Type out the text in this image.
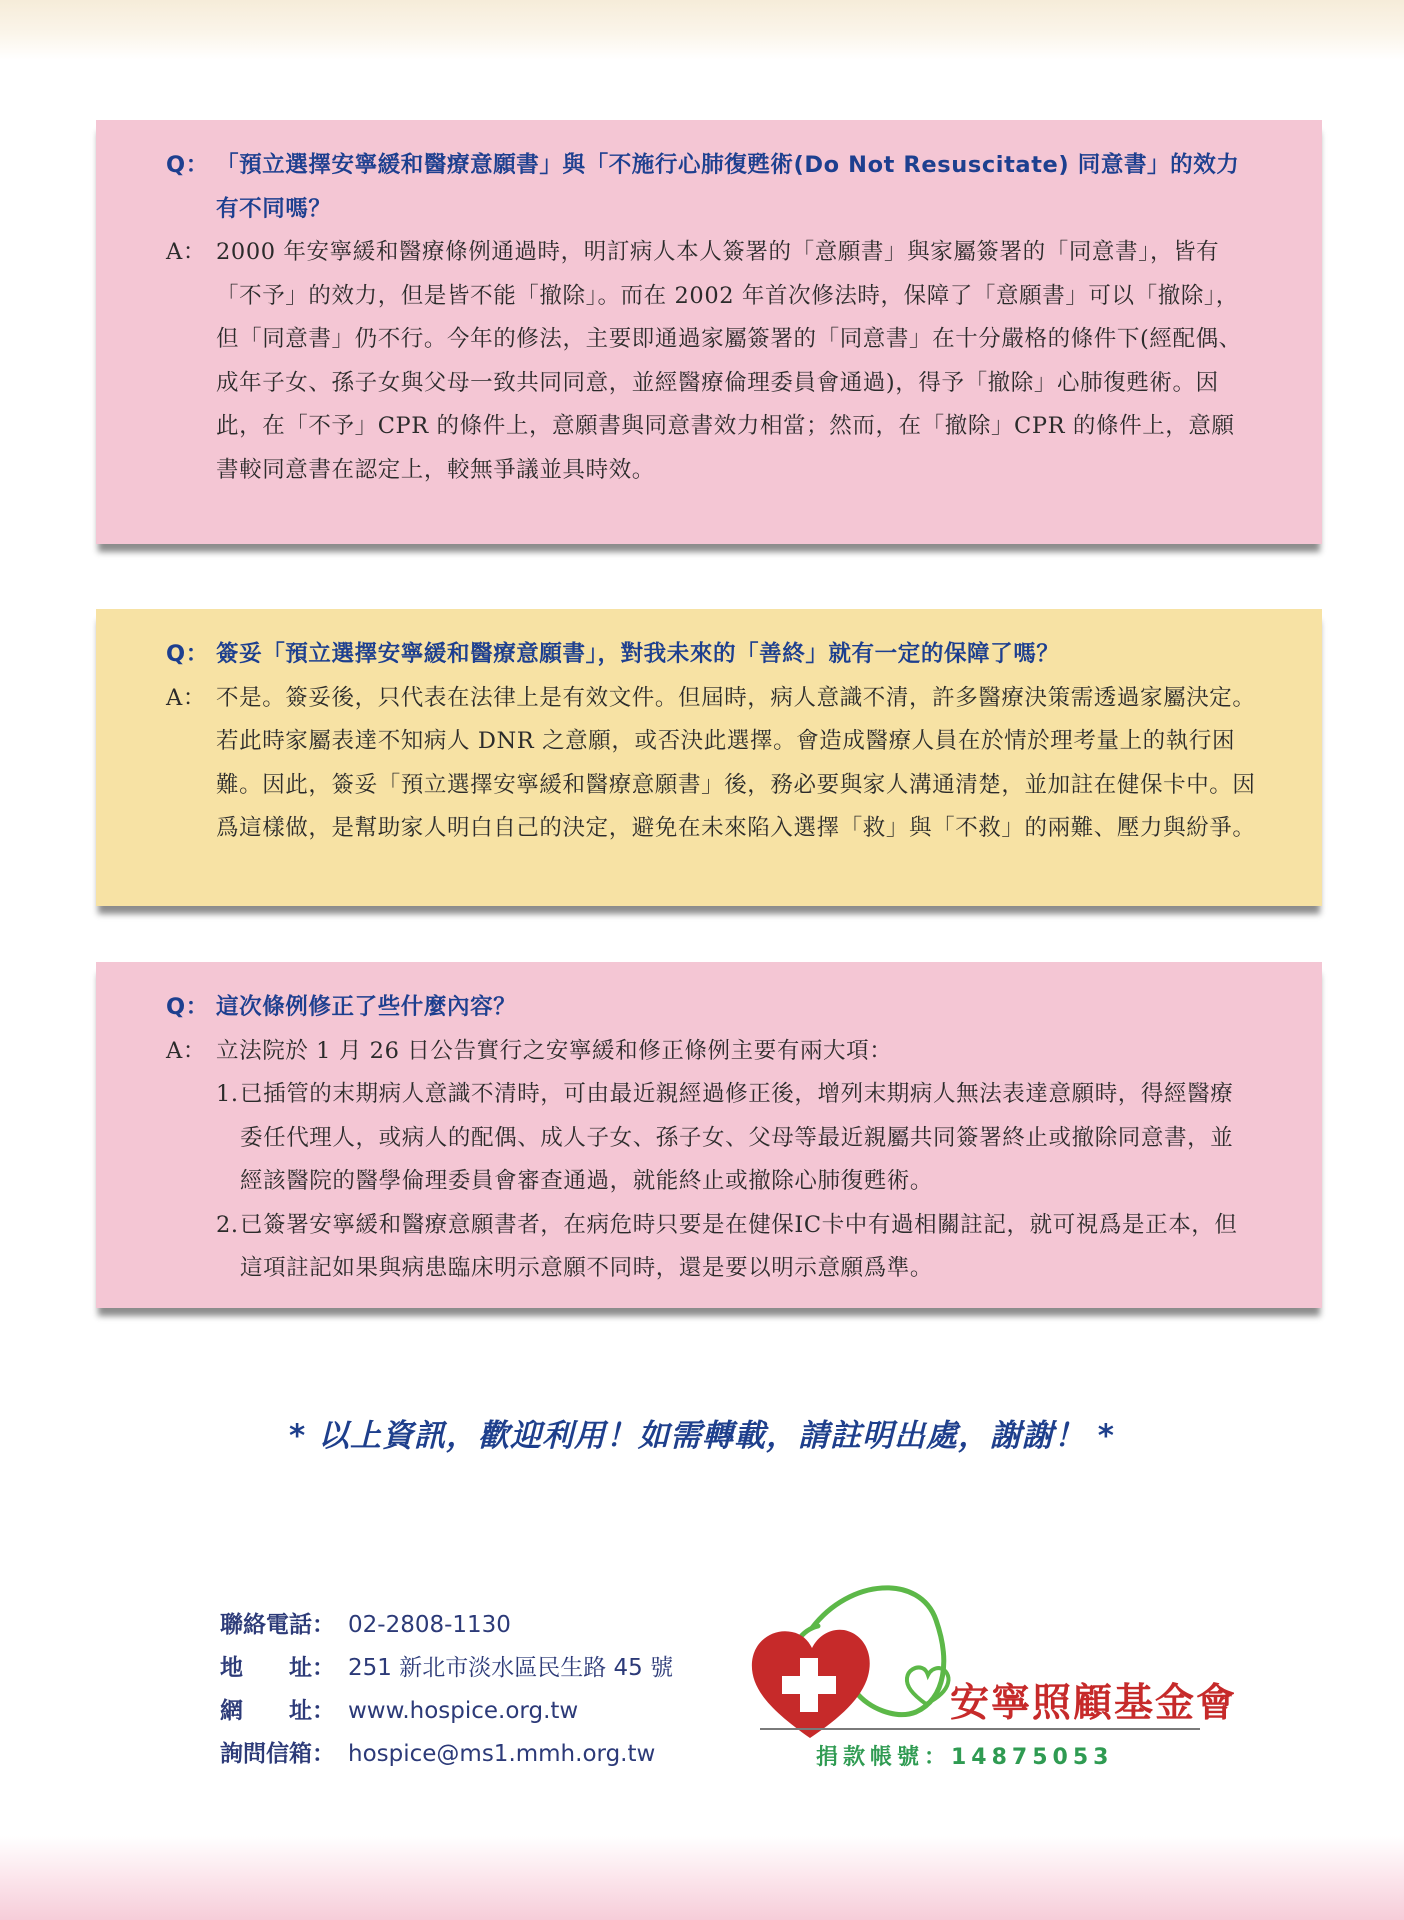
Q： 「預立選擇安寧緩和醫療意願書」與「不施行心肺復甦術(Do Not Resuscitate) 同意書」的效力有不同嗎？
A： 2000 年安寧緩和醫療條例通過時，明訂病人本人簽署的「意願書」與家屬簽署的「同意書」，皆有「不予」的效力，但是皆不能「撤除」。而在 2002 年首次修法時，保障了「意願書」可以「撤除」，但「同意書」仍不行。今年的修法，主要即通過家屬簽署的「同意書」在十分嚴格的條件下(經配偶、成年子女、孫子女與父母一致共同同意，並經醫療倫理委員會通過)，得予「撤除」心肺復甦術。因此，在「不予」CPR 的條件上，意願書與同意書效力相當；然而，在「撤除」CPR 的條件上，意願書較同意書在認定上，較無爭議並具時效。
Q： 簽妥「預立選擇安寧緩和醫療意願書」，對我未來的「善終」就有一定的保障了嗎？
A： 不是。簽妥後，只代表在法律上是有效文件。但屆時，病人意識不清，許多醫療決策需透過家屬決定。若此時家屬表達不知病人 DNR 之意願，或否決此選擇。會造成醫療人員在於情於理考量上的執行困難。因此，簽妥「預立選擇安寧緩和醫療意願書」後，務必要與家人溝通清楚，並加註在健保卡中。因爲這樣做，是幫助家人明白自己的決定，避免在未來陷入選擇「救」與「不救」的兩難、壓力與紛爭。
Q： 這次條例修正了些什麼內容？
A： 立法院於 1 月 26 日公告實行之安寧緩和修正條例主要有兩大項：
1. 已插管的末期病人意識不清時，可由最近親經過修正後，增列末期病人無法表達意願時，得經醫療委任代理人，或病人的配偶、成人子女、孫子女、父母等最近親屬共同簽署終止或撤除同意書，並經該醫院的醫學倫理委員會審查通過，就能終止或撤除心肺復甦術。
2. 已簽署安寧緩和醫療意願書者，在病危時只要是在健保IC卡中有過相關註記，就可視爲是正本，但這項註記如果與病患臨床明示意願不同時，還是要以明示意願爲準。
* 以上資訊，歡迎利用！如需轉載，請註明出處，謝謝！ *
聯絡電話： 02-2808-1130
地　　址： 251 新北市淡水區民生路 45 號
網　　址： www.hospice.org.tw
詢問信箱： hospice@ms1.mmh.org.tw
安寧照顧基金會
捐款帳號：14875053
